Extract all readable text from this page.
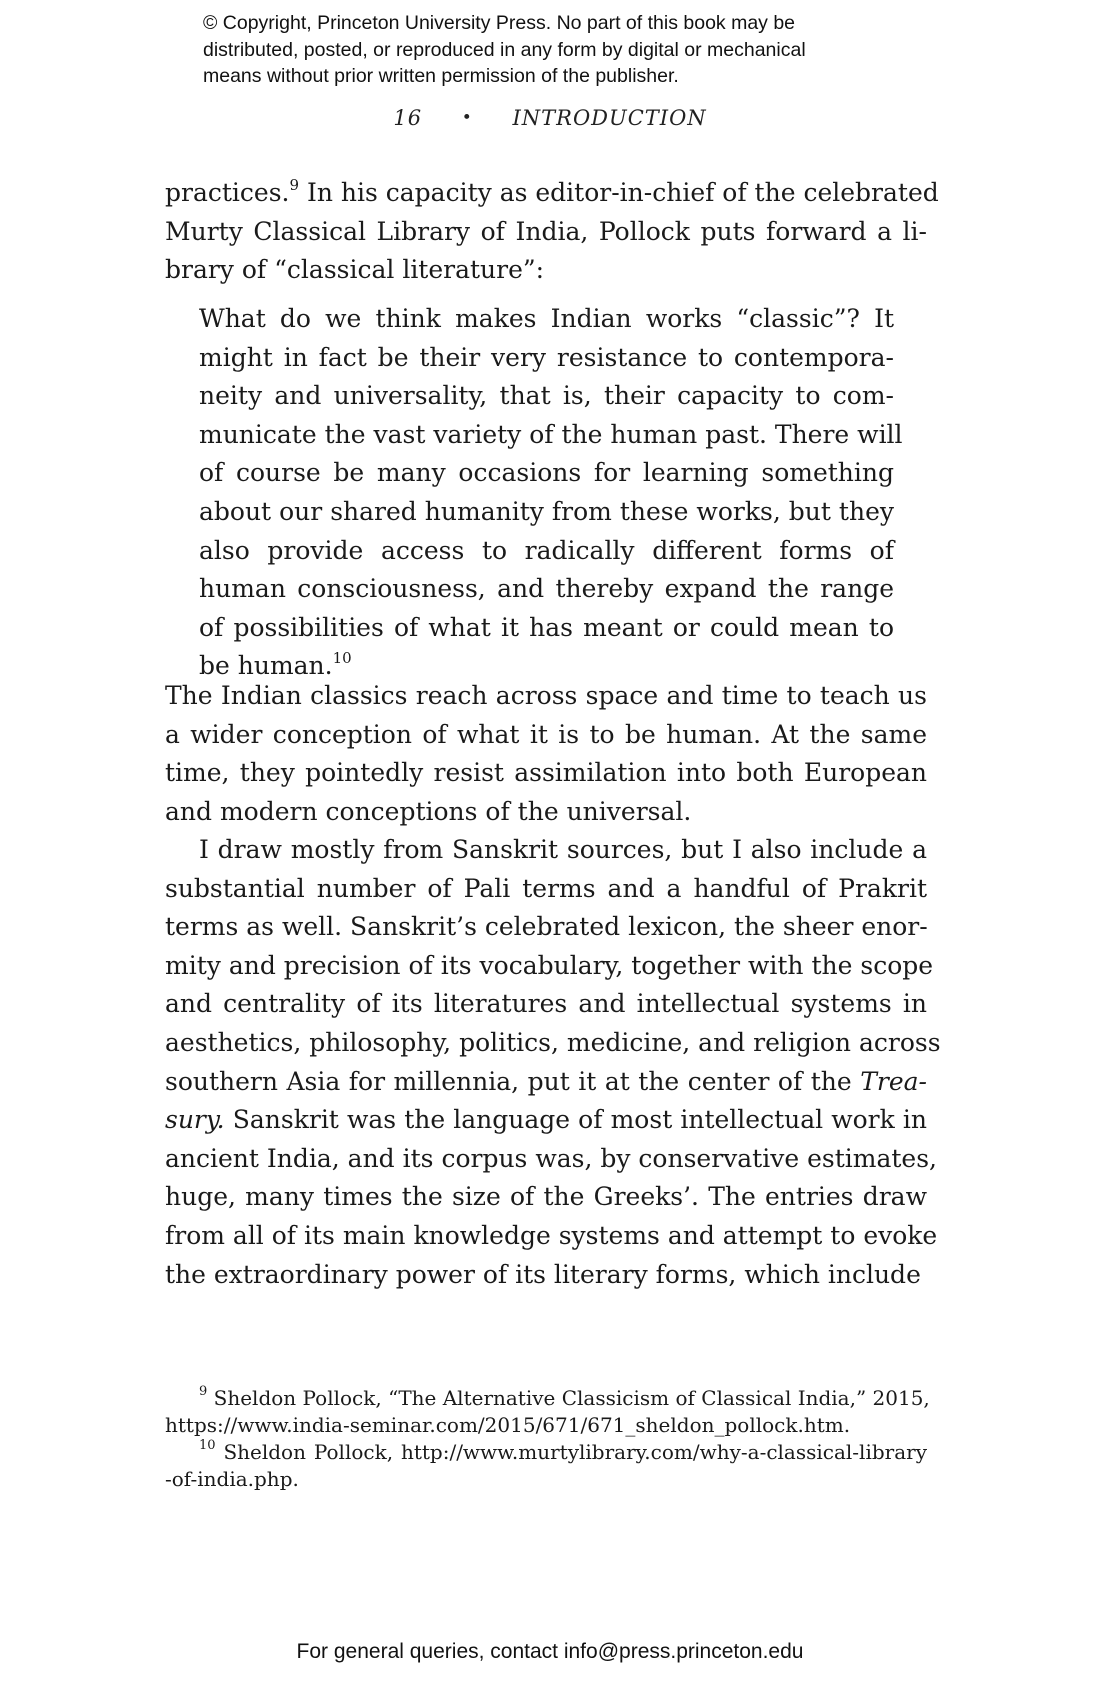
© Copyright, Princeton University Press. No part of this book may be
distributed, posted, or reproduced in any form by digital or mechanical
means without prior written permission of the publisher.
16 • INTRODUCTION
practices.$^9$ In his capacity as editor-in-chief of the celebrated
Murty Classical Library of India, Pollock puts forward a li-
brary of “classical literature”:
What do we think makes Indian works “classic”? It
might in fact be their very resistance to contempora-
neity and universality, that is, their capacity to com-
municate the vast variety of the human past. There will
of course be many occasions for learning something
about our shared humanity from these works, but they
also provide access to radically different forms of
human consciousness, and thereby expand the range
of possibilities of what it has meant or could mean to
be human.$^{10}$
The Indian classics reach across space and time to teach us
a wider conception of what it is to be human. At the same
time, they pointedly resist assimilation into both European
and modern conceptions of the universal.
I draw mostly from Sanskrit sources, but I also include a
substantial number of Pali terms and a handful of Prakrit
terms as well. Sanskrit’s celebrated lexicon, the sheer enor-
mity and precision of its vocabulary, together with the scope
and centrality of its literatures and intellectual systems in
aesthetics, philosophy, politics, medicine, and religion across
southern Asia for millennia, put it at the center of the Trea-
sury. Sanskrit was the language of most intellectual work in
ancient India, and its corpus was, by conservative estimates,
huge, many times the size of the Greeks’. The entries draw
from all of its main knowledge systems and attempt to evoke
the extraordinary power of its literary forms, which include
$^9$ Sheldon Pollock, “The Alternative Classicism of Classical India,” 2015,
https://www.india-seminar.com/2015/671/671_sheldon_pollock.htm.
$^{10}$ Sheldon Pollock, http://www.murtylibrary.com/why-a-classical-library
-of-india.php.
For general queries, contact info@press.princeton.edu
